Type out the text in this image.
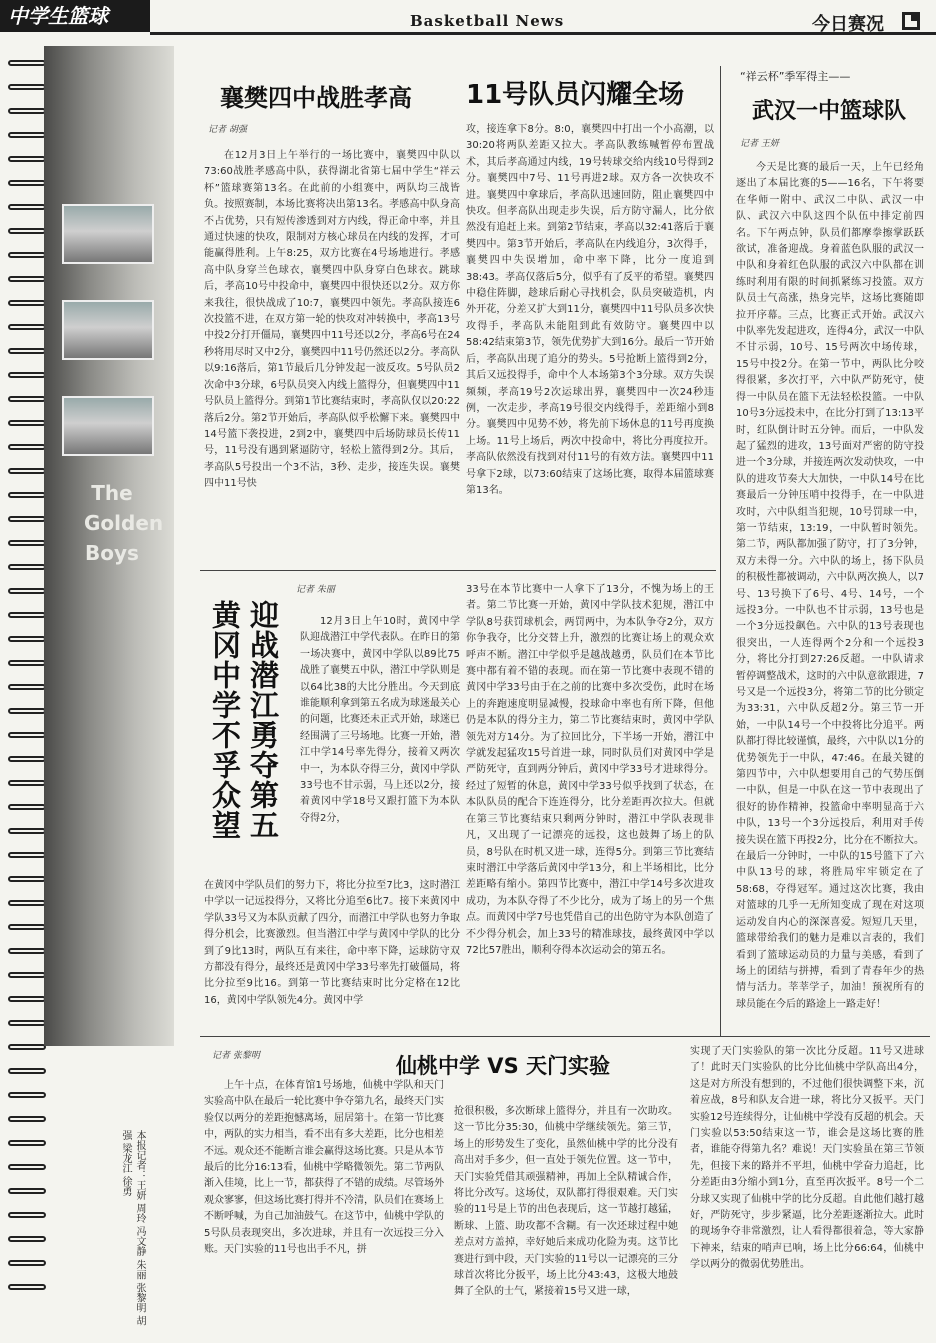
中学生篮球	Basketball News	今日赛况
The Golden Boys
本报记者：王妍 周玲 冯文静 朱丽 张黎明 胡强 梁龙江 徐勇
襄樊四中战胜孝高 11号队员闪耀全场
记者 胡强

在12月3日上午举行的一场比赛中，襄樊四中队以73:60战胜孝感高中队，获得湖北省第七届中学生“祥云杯”篮球赛第13名。在此前的小组赛中，两队均三战皆负。按照赛制，本场比赛将决出第13名。孝感高中队身高不占优势，只有短传渗透到对方内线，得正命中率，并且通过快速的快攻，限制对方核心球员在内线的发挥，才可能赢得胜利。上午8:25，双方比赛在4号场地进行。孝感高中队身穿兰色球衣，襄樊四中队身穿白色球衣。跳球后，孝高10号中投命中，襄樊四中很快还以2分。双方你来我往，很快战成了10:7，襄樊四中领先。孝高队接连6次投篮不进，在双方第一轮的快攻对冲转换中，孝高13号中投2分打开僵局，襄樊四中11号还以2分，孝高6号在24秒将用尽时又中2分，襄樊四中11号仍然还以2分。孝高队以9:16落后，第1节最后几分钟发起一波反攻。5号队员2次命中3分球，6号队员突入内线上篮得分，但襄樊四中11号队员上篮得分。到第1节比赛结束时，孝高队仅以20:22落后2分。第2节开始后，孝高队似乎松懈下来。襄樊四中14号篮下袭投进，2到2中，襄樊四中后场防球员长传11号，11号没有遇到紧逼防守，轻松上篮得到2分。其后，孝高队5号投出一个3不沾，3秒、走步，接连失误。襄樊四中11号快

攻，接连拿下8分。8:0，襄樊四中打出一个小高潮，以30:20将两队差距又拉大。孝高队教练喊暂停布置战术，其后孝高通过内线，19号转球交给内线10号得到2分。襄樊四中7号、11号再进2球。双方各一次快攻不进。襄樊四中拿球后，孝高队迅速回防，阻止襄樊四中快攻。但孝高队出现走步失误，后方防守漏人，比分依然没有追赶上来。到第2节结束，孝高以32:41落后于襄樊四中。第3节开始后，孝高队在内线追分，3次得手，襄樊四中失误增加，命中率下降，比分一度追到38:43。孝高仅落后5分，似乎有了反平的希望。襄樊四中稳住阵脚，趁球后耐心寻找机会，队员突破造机，内外开花，分差又扩大到11分，襄樊四中11号队员多次快攻得手，孝高队未能阻到此有效防守。襄樊四中以58:42结束第3节，领先优势扩大到16分。最后一节开始后，孝高队出现了追分的势头。5号抢断上篮得到2分，其后又远投得手，命中个人本场第3个3分球。双方失误频频，孝高19号2次运球出界，襄樊四中一次24秒违例，一次走步，孝高19号很交内线得手，差距缩小到8分。襄樊四中见势不妙，将先前下场休息的11号再度换上场。11号上场后，两次中投命中，将比分再度拉开。孝高队依然没有找到对付11号的有效方法。襄樊四中11号拿下2球，以73:60结束了这场比赛，取得本届篮球赛第13名。

“祥云杯”季军得主——
武汉一中篮球队
记者 王妍

今天是比赛的最后一天，上午已经角逐出了本届比赛的5——16名，下午将要在华师一附中、武汉二中队、武汉一中队、武汉六中队这四个队伍中排定前四名。下午两点钟，队员们都摩拳擦掌跃跃欲试，准备迎战。身着蓝色队服的武汉一中队和身着红色队服的武汉六中队都在训练时利用有限的时间抓紧练习投篮。双方队员士气高涨，热身完毕，这场比赛随即拉开序幕。三点，比赛正式开始。武汉六中队率先发起进攻，连得4分，武汉一中队不甘示弱，10号、15号两次中场传球，15号中投2分。在第一节中，两队比分咬得很紧，多次打平，六中队严防死守，使得一中队员在篮下无法轻松投篮。一中队10号3分远投未中，在比分打到了13:13平时，红队倒计时五分钟。而后，一中队发起了猛烈的进攻，13号面对严密的防守投进一个3分球，并接连两次发动快攻，一中队的进攻节奏大大加快，一中队14号在比赛最后一分钟压哨中投得手，在一中队进攻时，六中队组当犯规，10号罚球一中，第一节结束，13:19，一中队暂时领先。第二节，两队都加强了防守，打了3分钟，双方未得一分。六中队的场上，扬下队员的积极性都被调动，六中队两次换人，以7号、13号换下了6号、4号、14号，一个远投3分。一中队也不甘示弱，13号也是一个3分远投飙色。六中队的13号表现也很突出，一人连得两个2分和一个远投3分，将比分打到27:26反超。一中队请求暂停调整战术，这时的六中队意欲跟进，7号又是一个远投3分，将第二节的比分锁定为33:31，六中队反超2分。第三节一开始，一中队14号一个中投将比分追平。两队都打得比较谨慎，最终，六中队以1分的优势领先于一中队，47:46。在最关键的第四节中，六中队想要用自己的气势压倒一中队，但是一中队在这一节中表现出了很好的协作精神，投篮命中率明显高于六中队，13号一个3分远投后，利用对手传接失误在篮下再投2分，比分在不断拉大。在最后一分钟时，一中队的15号篮下了六中队13号的球，将胜局牢牢锁定在了58:68，夺得冠军。通过这次比赛，我由对篮球的几乎一无所知变成了现在对这项运动发自内心的深深喜爱。短短几天里，篮球带给我们的魅力是难以言表的，我们看到了篮球运动员的力量与美感，看到了场上的团结与拼搏，看到了青春年少的热情与活力。莘莘学子，加油！预祝所有的球员能在今后的路途上一路走好！

记者 朱丽
迎战潜江勇夺第五
黄冈中学不孚众望	12月3日上午10时，黄冈中学队迎战潜江中学代表队。在昨日的第一场决赛中，黄冈中学队以89比75战胜了襄樊五中队，潜江中学队则是以64比38的大比分胜出。今天到底谁能顺利拿到第五名成为球迷最关心的问题，比赛还未正式开始，球迷已经围满了三号场地。比赛一开始，潜江中学14号率先得分，接着又两次中一，为本队夺得三分，黄冈中学队33号也不甘示弱，马上还以2分，接着黄冈中学18号又跟打篮下为本队夺得2分，

在黄冈中学队员们的努力下，将比分拉至7比3，这时潜江中学以一记远投得分，又将比分追至6比7。接下来黄冈中学队33号又为本队贡献了四分，而潜江中学队也努力争取得分机会，比赛激烈。但当潜江中学与黄冈中学队的比分到了9比13时，两队互有来往，命中率下降，运球防守双方都没有得分，最终还是黄冈中学33号率先打破僵局，将比分拉至9比16。到第一节比赛结束时比分定格在12比16，黄冈中学队领先4分。黄冈中学

33号在本节比赛中一人拿下了13分，不愧为场上的王者。第二节比赛一开始，黄冈中学队技术犯规，潜江中学队8号获罚球机会，两罚两中，为本队争夺2分，双方你争我夺，比分交替上升，激烈的比赛让场上的观众欢呼声不断。潜江中学似乎是越战越勇，队员们在本节比赛中都有着不错的表现。而在第一节比赛中表现不错的黄冈中学33号由于在之前的比赛中多次受伤，此时在场上的奔跑速度明显减慢，投球命中率也有所下降，但他仍是本队的得分主力，第二节比赛结束时，黄冈中学队领先对方14分。为了拉回比分，下半场一开始，潜江中学就发起猛攻15号首进一球，同时队员们对黄冈中学是严防死守，直到两分钟后，黄冈中学33号才进球得分。经过了短暂的休息，黄冈中学33号似乎找到了状态，在本队队员的配合下连连得分，比分差距再次拉大。但就在第三节比赛结束只剩两分钟时，潜江中学队表现非凡，又出现了一记漂亮的远投，这也鼓舞了场上的队员，8号队在时机又进一球，连得5分。到第三节比赛结束时潜江中学落后黄冈中学13分，和上半场相比，比分差距略有缩小。第四节比赛中，潜江中学14号多次进攻成功，为本队夺得了不少比分，成为了场上的另一个焦点。而黄冈中学7号也凭借自己的出色防守为本队创造了不少得分机会，加上33号的精准球技，最终黄冈中学以72比57胜出，顺利夺得本次运动会的第五名。

记者 张黎明	仙桃中学 VS 天门实验

上午十点，在体育馆1号场地，仙桃中学队和天门实验高中队在最后一轮比赛中争夺第九名，最终天门实验仅以两分的差距抱憾离场，屈居第十。在第一节比赛中，两队的实力相当，看不出有多大差距，比分也相差不远。观众还不能断言谁会赢得这场比赛。只是从本节最后的比分16:13看，仙桃中学略微领先。第二节两队渐入佳境，比上一节，都获得了不错的成绩。尽管场外观众寥寥，但这场比赛打得并不冷清，队员们在赛场上不断呼喊，为自己加油鼓气。在这节中，仙桃中学队的5号队员表现突出，多次进球，并且有一次远投三分入账。天门实验的11号也出手不凡，拼

抢很积极，多次断球上篮得分，并且有一次助攻。这一节比分35:30，仙桃中学继续领先。第三节，场上的形势发生了变化，虽然仙桃中学的比分没有高出对手多少，但一直处于领先位置。这一节中，天门实验凭借其顽强精神，再加上全队精诚合作，将比分改写。这场仗，双队都打得很艰难。天门实验的11号是上节的出色表现后，这一节越打越猛，断球、上篮、助攻都不含糊。有一次还球过程中她差点对方盖掉，幸好她后来成功化险为夷。这节比赛进行到中段，天门实验的11号以一记漂亮的三分球首次将比分扳平，场上比分43:43，这极大地鼓舞了全队的士气，紧接着15号又进一球，

实现了天门实验队的第一次比分反超。11号又进球了！此时天门实验队的比分比仙桃中学队高出4分，这是对方所没有想到的，不过他们很快调整下来，沉着应战，8号和队友合进一球，将比分又扳平。天门实验12号连续得分，让仙桃中学没有反超的机会。天门实验以53:50结束这一节，谁会是这场比赛的胜者，谁能夺得第九名？难说！天门实验虽在第三节领先，但接下来的路并不平坦，仙桃中学奋力追赶，比分差距由3分缩小到1分，直至再次扳平。8号一个二分球又实现了仙桃中学的比分反超。自此他们越打越好，严防死守，步步紧逼，比分差距逐渐拉大。此时的现场争夺非常激烈，让人看得都很着急，等大家静下神来，结束的哨声已响，场上比分66:64，仙桃中学以两分的微弱优势胜出。
